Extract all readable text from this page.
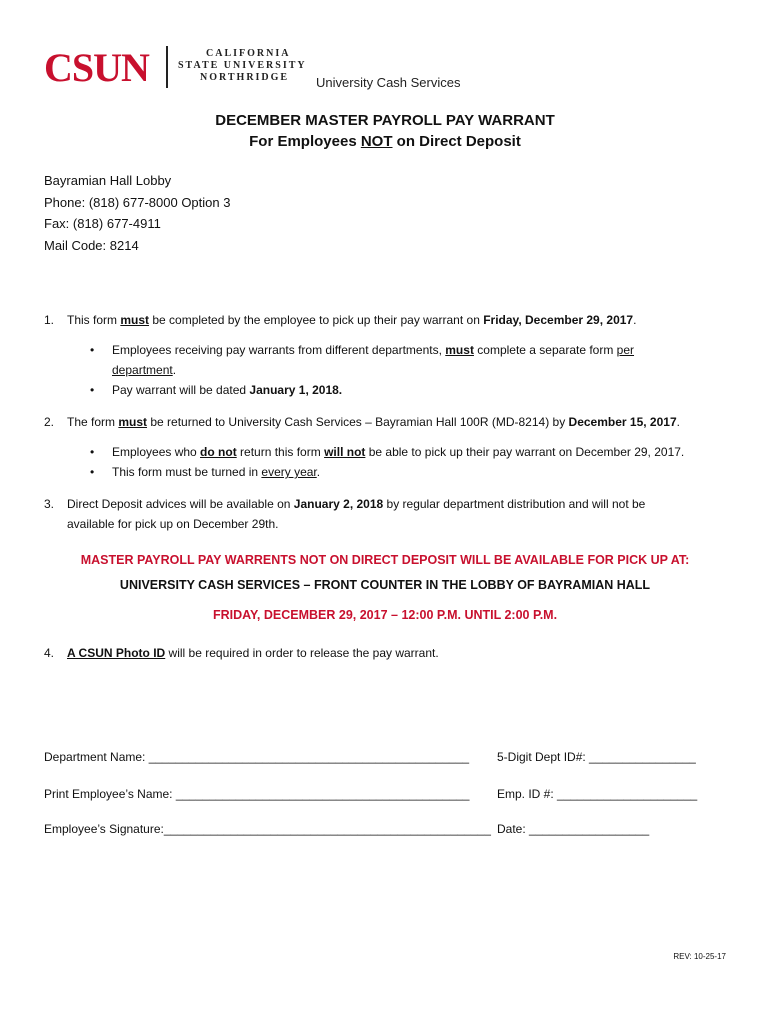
CSUN	CALIFORNIA
STATE UNIVERSITY
NORTHRIDGE	University Cash Services
DECEMBER MASTER PAYROLL PAY WARRANT
For Employees NOT on Direct Deposit
Bayramian Hall Lobby
Phone: (818) 677-8000 Option 3
Fax: (818) 677-4911
Mail Code: 8214
1. This form must be completed by the employee to pick up their pay warrant on Friday, December 29, 2017.
• Employees receiving pay warrants from different departments, must complete a separate form per
department.
• Pay warrant will be dated January 1, 2018.
2. The form must be returned to University Cash Services – Bayramian Hall 100R (MD-8214) by December 15, 2017.
• Employees who do not return this form will not be able to pick up their pay warrant on December 29, 2017.
• This form must be turned in every year.
3. Direct Deposit advices will be available on January 2, 2018 by regular department distribution and will not be
available for pick up on December 29th.
MASTER PAYROLL PAY WARRENTS NOT ON DIRECT DEPOSIT WILL BE AVAILABLE FOR PICK UP AT:
UNIVERSITY CASH SERVICES – FRONT COUNTER IN THE LOBBY OF BAYRAMIAN HALL
FRIDAY, DECEMBER 29, 2017 – 12:00 P.M. UNTIL 2:00 P.M.
4. A CSUN Photo ID will be required in order to release the pay warrant.
Department Name: ________________________________________________ 5-Digit Dept ID#: ________________
Print Employee’s Name: ____________________________________________ Emp. ID #: _____________________
Employee’s Signature:_________________________________________________ Date: __________________
REV: 10-25-17
